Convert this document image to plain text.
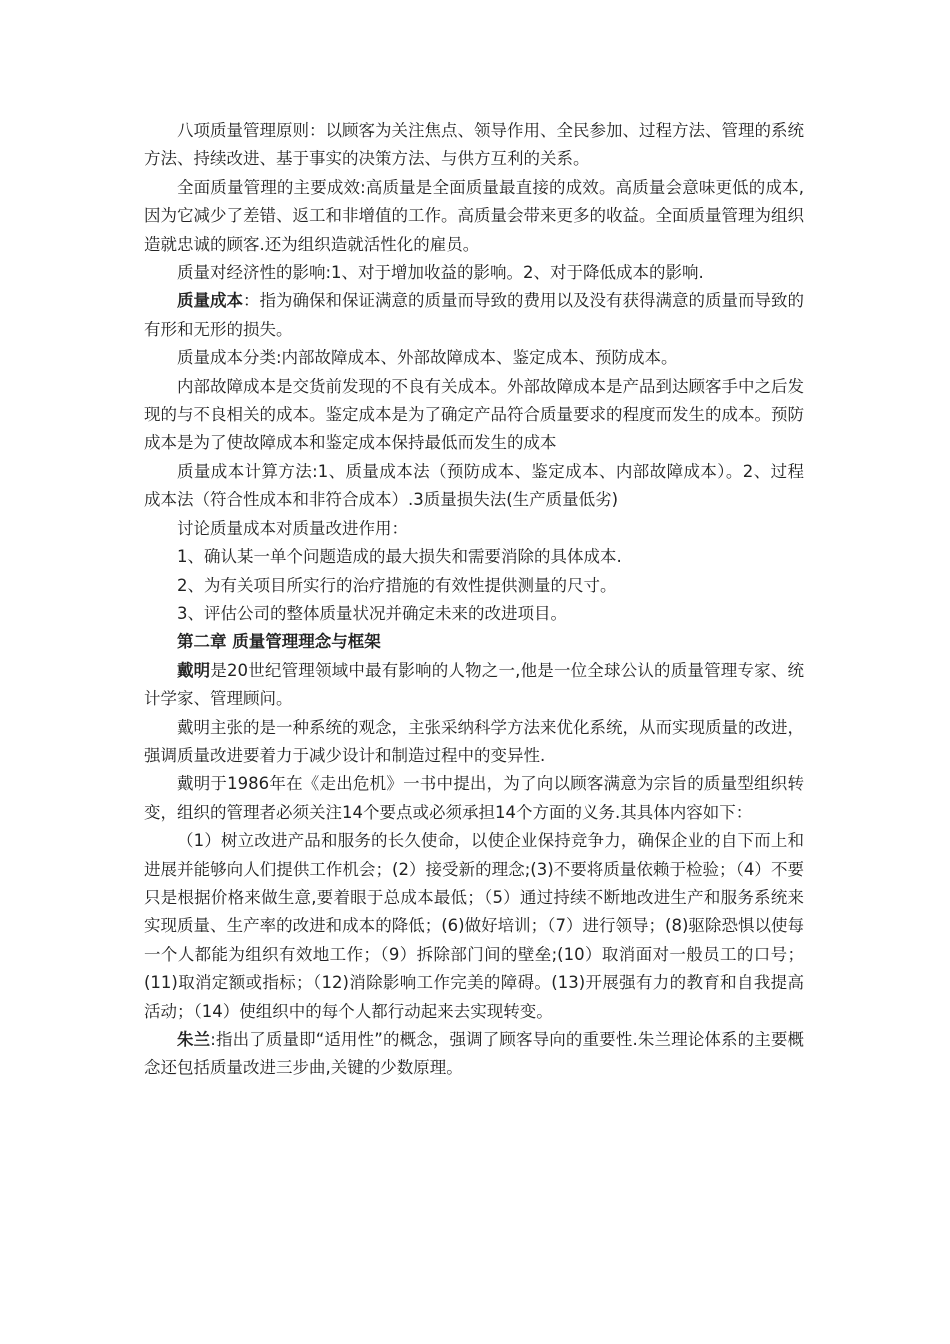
八项质量管理原则：以顾客为关注焦点、领导作用、全民参加、过程方法、管理的系统方法、持续改进、基于事实的决策方法、与供方互利的关系。

全面质量管理的主要成效:高质量是全面质量最直接的成效。高质量会意味更低的成本,因为它减少了差错、返工和非增值的工作。高质量会带来更多的收益。全面质量管理为组织造就忠诚的顾客.还为组织造就活性化的雇员。

质量对经济性的影响:1、对于增加收益的影响。2、对于降低成本的影响.

质量成本：指为确保和保证满意的质量而导致的费用以及没有获得满意的质量而导致的有形和无形的损失。

质量成本分类:内部故障成本、外部故障成本、鉴定成本、预防成本。

内部故障成本是交货前发现的不良有关成本。外部故障成本是产品到达顾客手中之后发现的与不良相关的成本。鉴定成本是为了确定产品符合质量要求的程度而发生的成本。预防成本是为了使故障成本和鉴定成本保持最低而发生的成本

质量成本计算方法:1、质量成本法（预防成本、鉴定成本、内部故障成本）。2、过程成本法（符合性成本和非符合成本）.3质量损失法(生产质量低劣)

讨论质量成本对质量改进作用：

1、确认某一单个问题造成的最大损失和需要消除的具体成本.

2、为有关项目所实行的治疗措施的有效性提供测量的尺寸。

3、评估公司的整体质量状况并确定未来的改进项目。

第二章 质量管理理念与框架

戴明是20世纪管理领域中最有影响的人物之一,他是一位全球公认的质量管理专家、统计学家、管理顾问。

戴明主张的是一种系统的观念，主张采纳科学方法来优化系统，从而实现质量的改进，强调质量改进要着力于减少设计和制造过程中的变异性.

戴明于1986年在《走出危机》一书中提出，为了向以顾客满意为宗旨的质量型组织转变，组织的管理者必须关注14个要点或必须承担14个方面的义务.其具体内容如下：

（1）树立改进产品和服务的长久使命，以使企业保持竞争力，确保企业的自下而上和进展并能够向人们提供工作机会；(2）接受新的理念;(3)不要将质量依赖于检验；（4）不要只是根据价格来做生意,要着眼于总成本最低；（5）通过持续不断地改进生产和服务系统来实现质量、生产率的改进和成本的降低；(6)做好培训；（7）进行领导；(8)驱除恐惧以使每一个人都能为组织有效地工作；（9）拆除部门间的壁垒;(10）取消面对一般员工的口号；(11)取消定额或指标；（12)消除影响工作完美的障碍。(13)开展强有力的教育和自我提高活动；（14）使组织中的每个人都行动起来去实现转变。

朱兰:指出了质量即“适用性”的概念，强调了顾客导向的重要性.朱兰理论体系的主要概念还包括质量改进三步曲,关键的少数原理。
